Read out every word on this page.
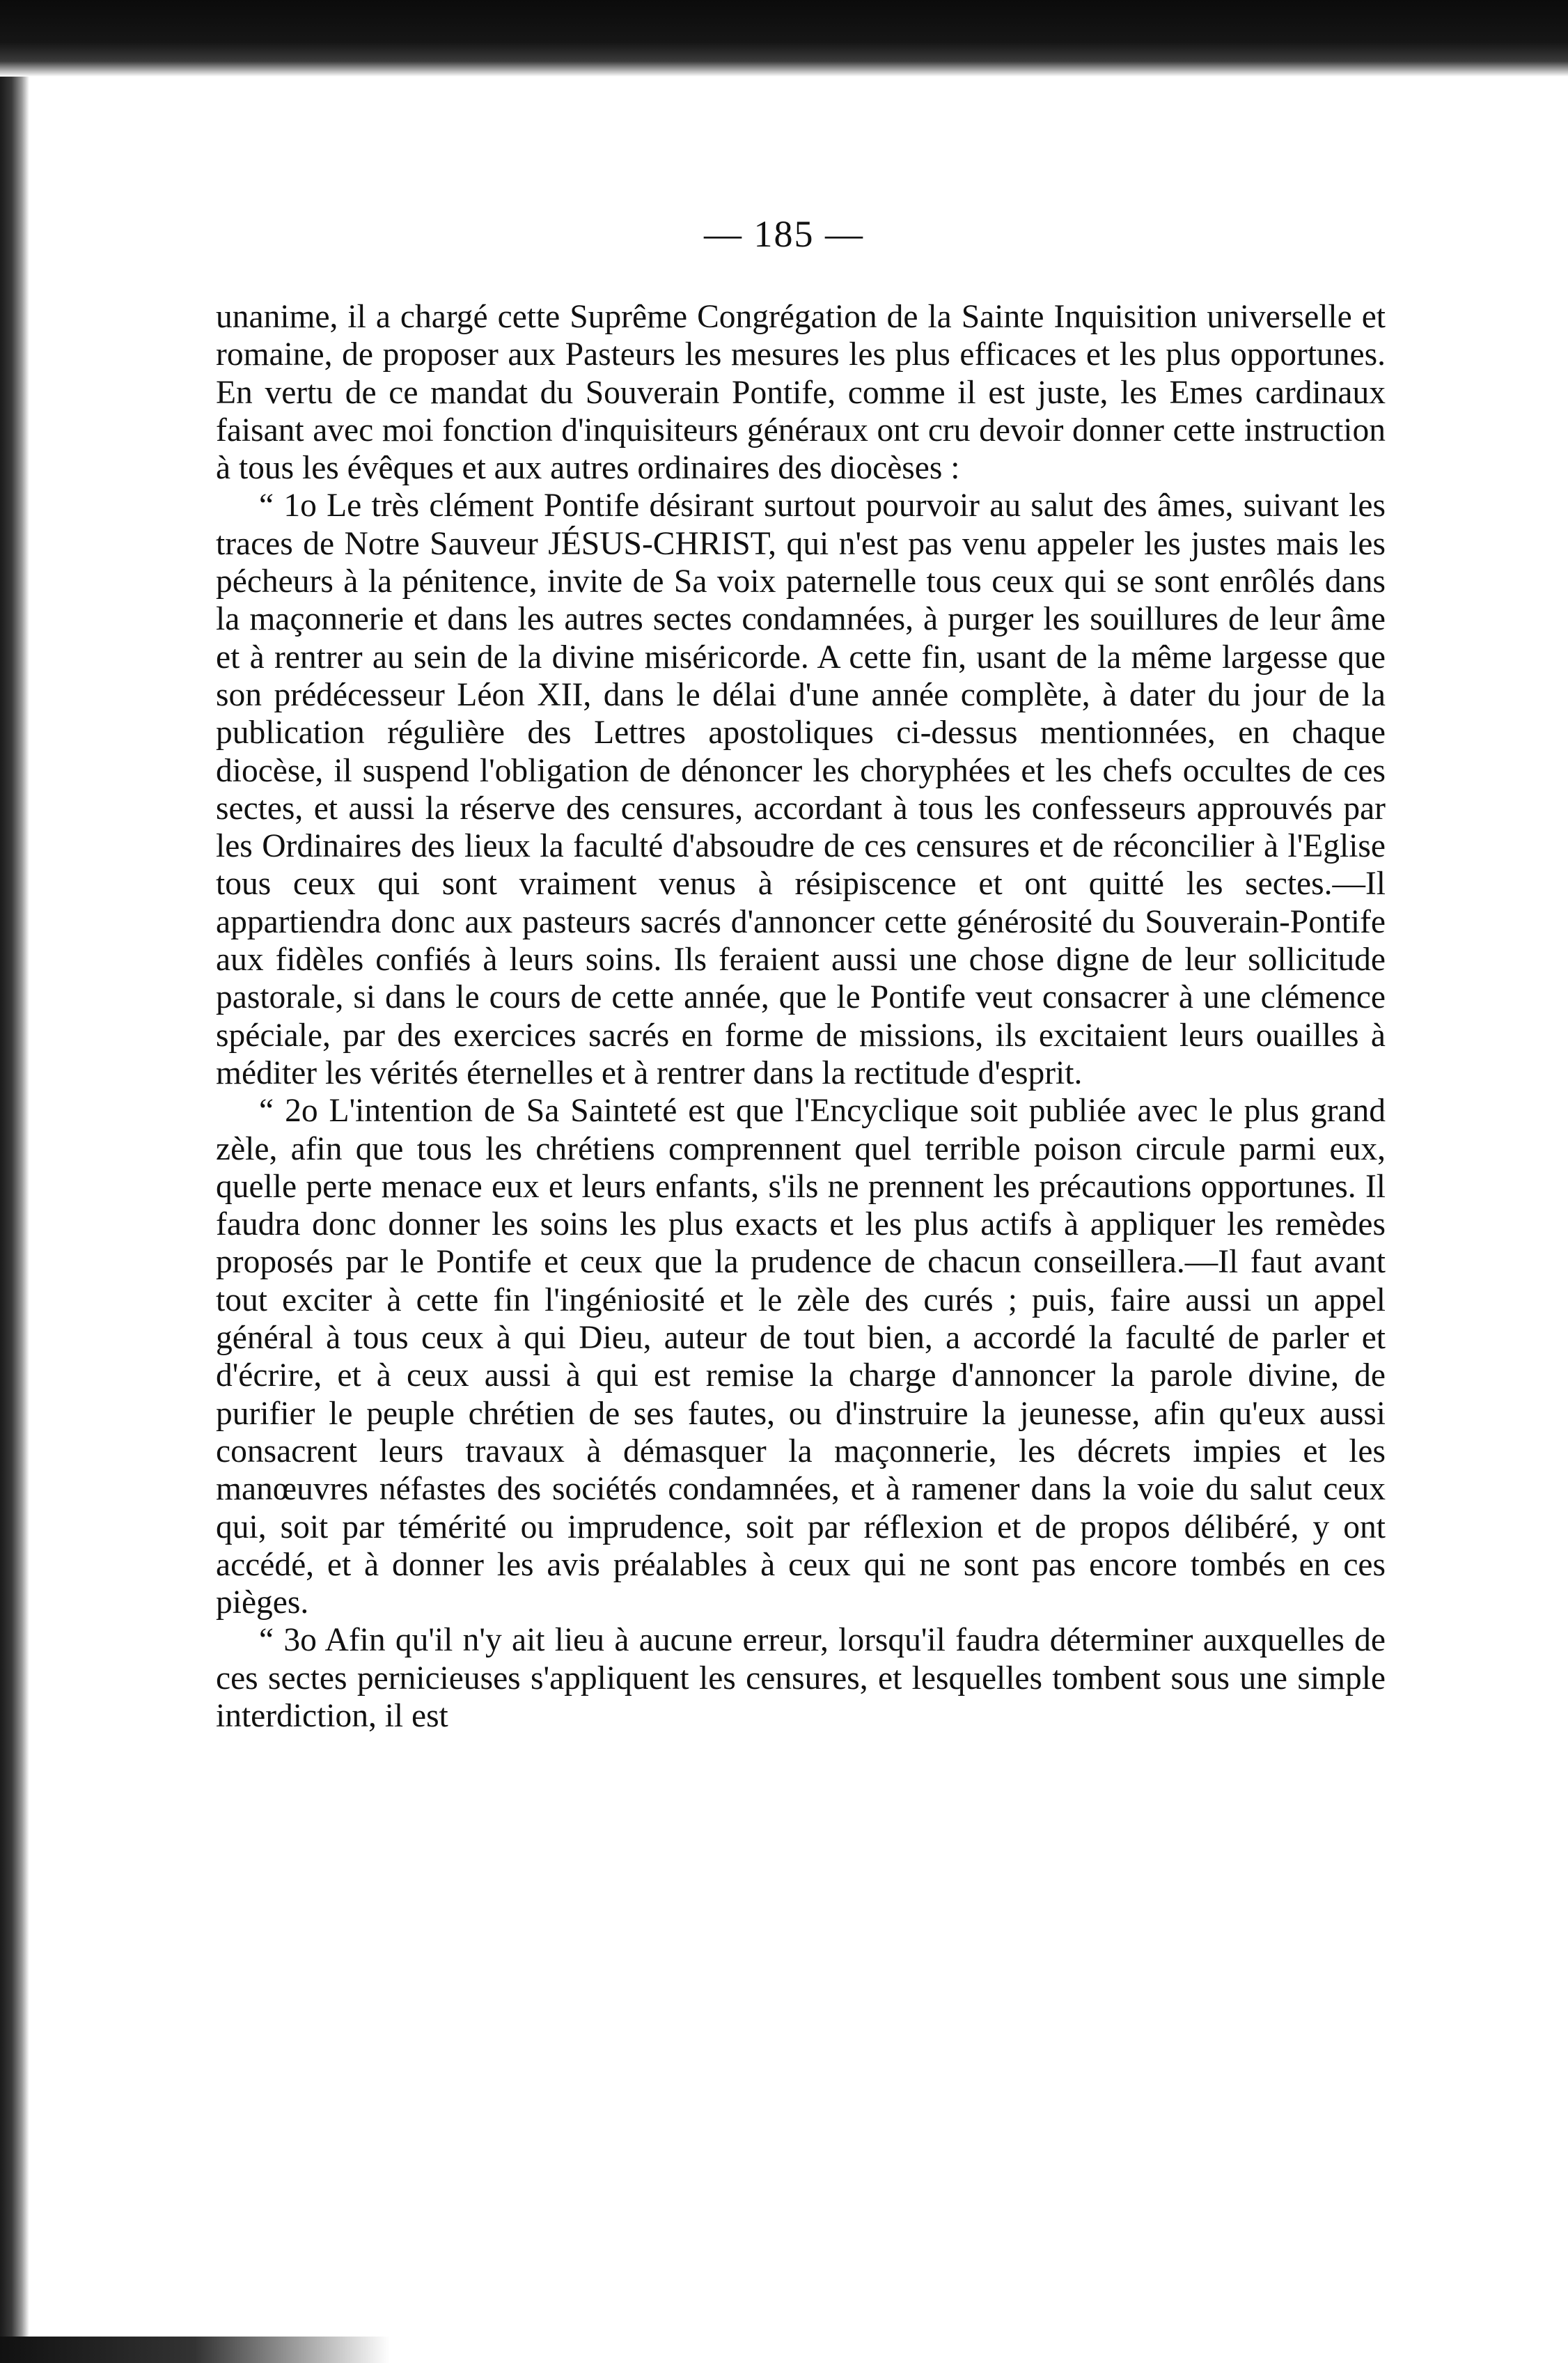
— 185 —

unanime, il a chargé cette Suprême Congrégation de la Sainte Inquisition universelle et romaine, de proposer aux Pasteurs les mesures les plus efficaces et les plus opportunes. En vertu de ce mandat du Souverain Pontife, comme il est juste, les Emes cardinaux faisant avec moi fonction d'inquisiteurs généraux ont cru devoir donner cette instruction à tous les évêques et aux autres ordinaires des diocèses :

“ 1o Le très clément Pontife désirant surtout pourvoir au salut des âmes, suivant les traces de Notre Sauveur JÉSUS-CHRIST, qui n'est pas venu appeler les justes mais les pécheurs à la pénitence, invite de Sa voix paternelle tous ceux qui se sont enrôlés dans la maçonnerie et dans les autres sectes condamnées, à purger les souillures de leur âme et à rentrer au sein de la divine miséricorde. A cette fin, usant de la même largesse que son prédécesseur Léon XII, dans le délai d'une année complète, à dater du jour de la publication régulière des Lettres apostoliques ci-dessus mentionnées, en chaque diocèse, il suspend l'obligation de dénoncer les choryphées et les chefs occultes de ces sectes, et aussi la réserve des censures, accordant à tous les confesseurs approuvés par les Ordinaires des lieux la faculté d'absoudre de ces censures et de réconcilier à l'Eglise tous ceux qui sont vraiment venus à résipiscence et ont quitté les sectes.—Il appartiendra donc aux pasteurs sacrés d'annoncer cette générosité du Souverain-Pontife aux fidèles confiés à leurs soins. Ils feraient aussi une chose digne de leur sollicitude pastorale, si dans le cours de cette année, que le Pontife veut consacrer à une clémence spéciale, par des exercices sacrés en forme de missions, ils excitaient leurs ouailles à méditer les vérités éternelles et à rentrer dans la rectitude d'esprit.

“ 2o L'intention de Sa Sainteté est que l'Encyclique soit publiée avec le plus grand zèle, afin que tous les chrétiens comprennent quel terrible poison circule parmi eux, quelle perte menace eux et leurs enfants, s'ils ne prennent les précautions opportunes. Il faudra donc donner les soins les plus exacts et les plus actifs à appliquer les remèdes proposés par le Pontife et ceux que la prudence de chacun conseillera.—Il faut avant tout exciter à cette fin l'ingéniosité et le zèle des curés ; puis, faire aussi un appel général à tous ceux à qui Dieu, auteur de tout bien, a accordé la faculté de parler et d'écrire, et à ceux aussi à qui est remise la charge d'annoncer la parole divine, de purifier le peuple chrétien de ses fautes, ou d'instruire la jeunesse, afin qu'eux aussi consacrent leurs travaux à démasquer la maçonnerie, les décrets impies et les manœuvres néfastes des sociétés condamnées, et à ramener dans la voie du salut ceux qui, soit par témérité ou imprudence, soit par réflexion et de propos délibéré, y ont accédé, et à donner les avis préalables à ceux qui ne sont pas encore tombés en ces pièges.

“ 3o Afin qu'il n'y ait lieu à aucune erreur, lorsqu'il faudra déterminer auxquelles de ces sectes pernicieuses s'appliquent les censures, et lesquelles tombent sous une simple interdiction, il est
